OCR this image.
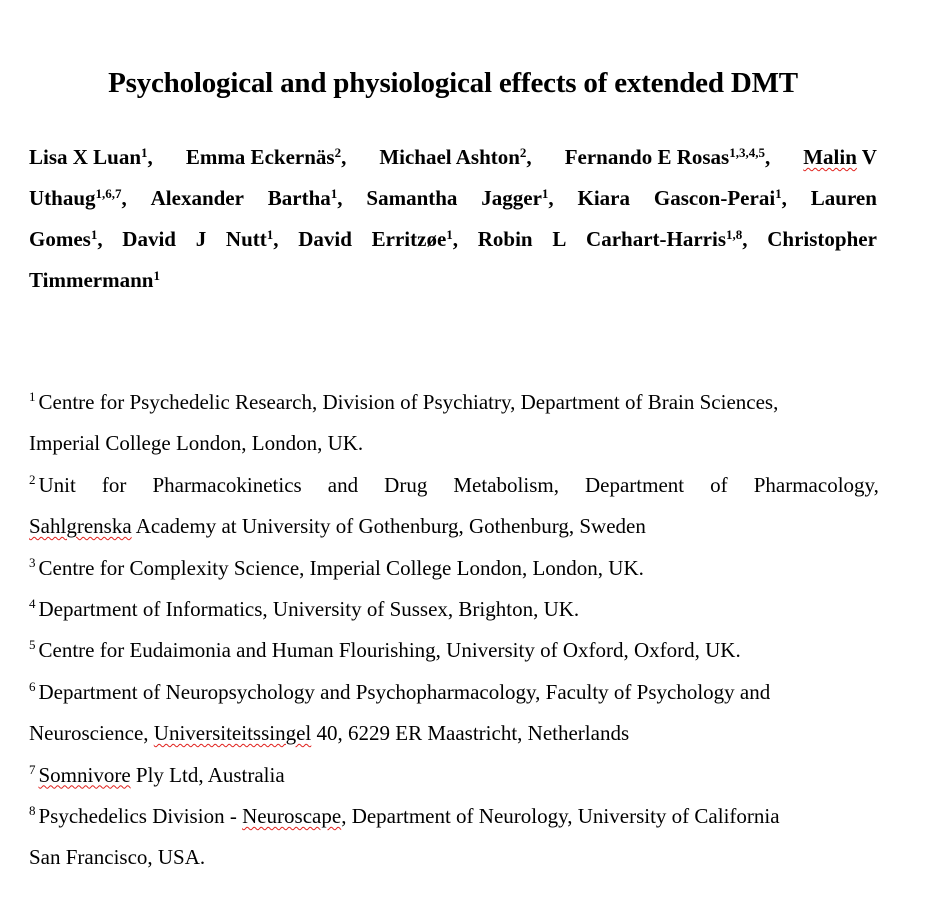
Psychological and physiological effects of extended DMT
Lisa X Luan$^1$, Emma Eckernäs$^2$, Michael Ashton$^2$, Fernando E Rosas$^{1,3,4,5}$, Malin V
Uthaug$^{1,6,7}$, Alexander Bartha$^1$, Samantha Jagger$^1$, Kiara Gascon-Perai$^1$, Lauren
Gomes$^1$, David J Nutt$^1$, David Erritzøe$^1$, Robin L Carhart-Harris$^{1,8}$, Christopher
Timmermann$^1$
$^1$ Centre for Psychedelic Research, Division of Psychiatry, Department of Brain Sciences,
Imperial College London, London, UK.
$^2$ Unit for Pharmacokinetics and Drug Metabolism, Department of Pharmacology,
Sahlgrenska Academy at University of Gothenburg, Gothenburg, Sweden
$^3$ Centre for Complexity Science, Imperial College London, London, UK.
$^4$ Department of Informatics, University of Sussex, Brighton, UK.
$^5$ Centre for Eudaimonia and Human Flourishing, University of Oxford, Oxford, UK.
$^6$ Department of Neuropsychology and Psychopharmacology, Faculty of Psychology and
Neuroscience, Universiteitssingel 40, 6229 ER Maastricht, Netherlands
$^7$ Somnivore Ply Ltd, Australia
$^8$ Psychedelics Division - Neuroscape, Department of Neurology, University of California
San Francisco, USA.
